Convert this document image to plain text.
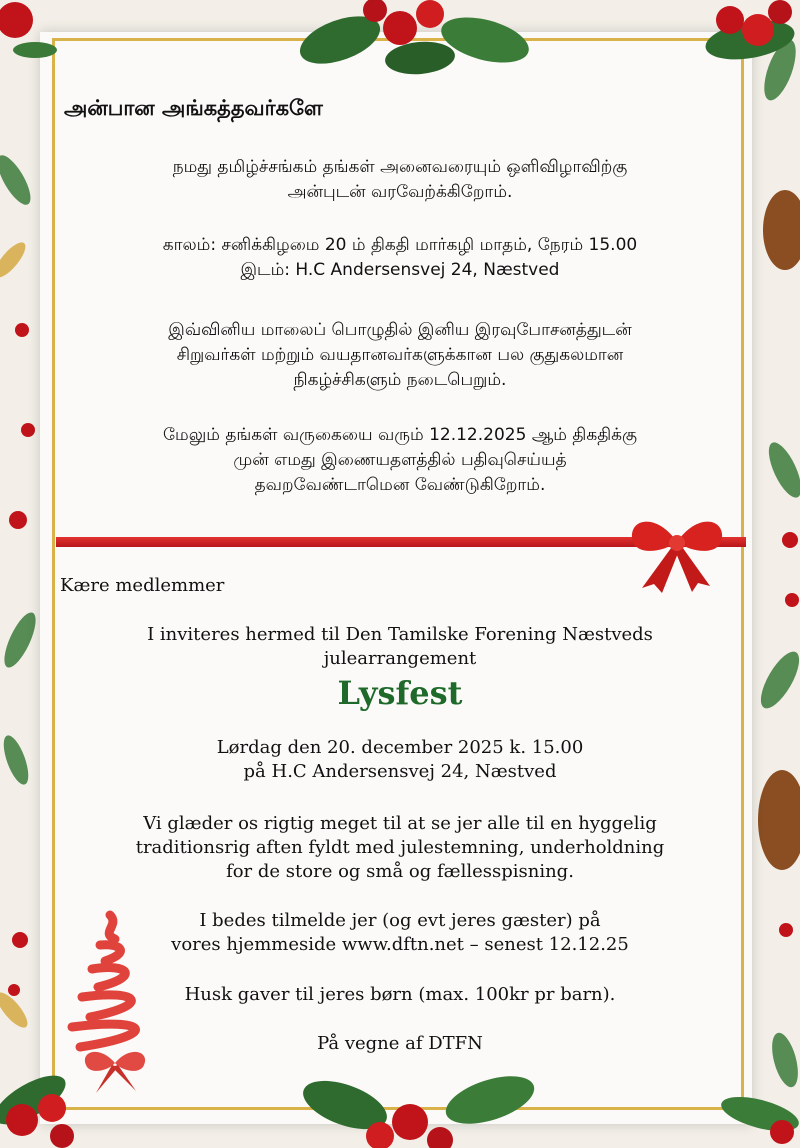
அன்பான அங்கத்தவர்களே
நமது தமிழ்ச்சங்கம் தங்கள் அனைவரையும் ஒளிவிழாவிற்கு
அன்புடன் வரவேற்க்கிறோம்.
காலம்: சனிக்கிழமை 20 ம் திகதி மார்கழி மாதம், நேரம் 15.00
இடம்: H.C Andersensvej 24, Næstved
இவ்வினிய மாலைப் பொழுதில் இனிய இரவுபோசனத்துடன்
சிறுவர்கள் மற்றும் வயதானவர்களுக்கான பல குதுகலமான
நிகழ்ச்சிகளும் நடைபெறும்.
மேலும் தங்கள் வருகையை வரும் 12.12.2025 ஆம் திகதிக்கு
முன் எமது இணையதளத்தில் பதிவுசெய்யத்
தவறவேண்டாமென வேண்டுகிறோம்.
Kære medlemmer
I inviteres hermed til Den Tamilske Forening Næstveds
julearrangement
Lysfest
Lørdag den 20. december 2025 k. 15.00
på H.C Andersensvej 24, Næstved
Vi glæder os rigtig meget til at se jer alle til en hyggelig
traditionsrig aften fyldt med julestemning, underholdning
for de store og små og fællesspisning.
I bedes tilmelde jer (og evt jeres gæster) på
vores hjemmeside www.dftn.net – senest 12.12.25
Husk gaver til jeres børn (max. 100kr pr barn).
På vegne af DTFN
